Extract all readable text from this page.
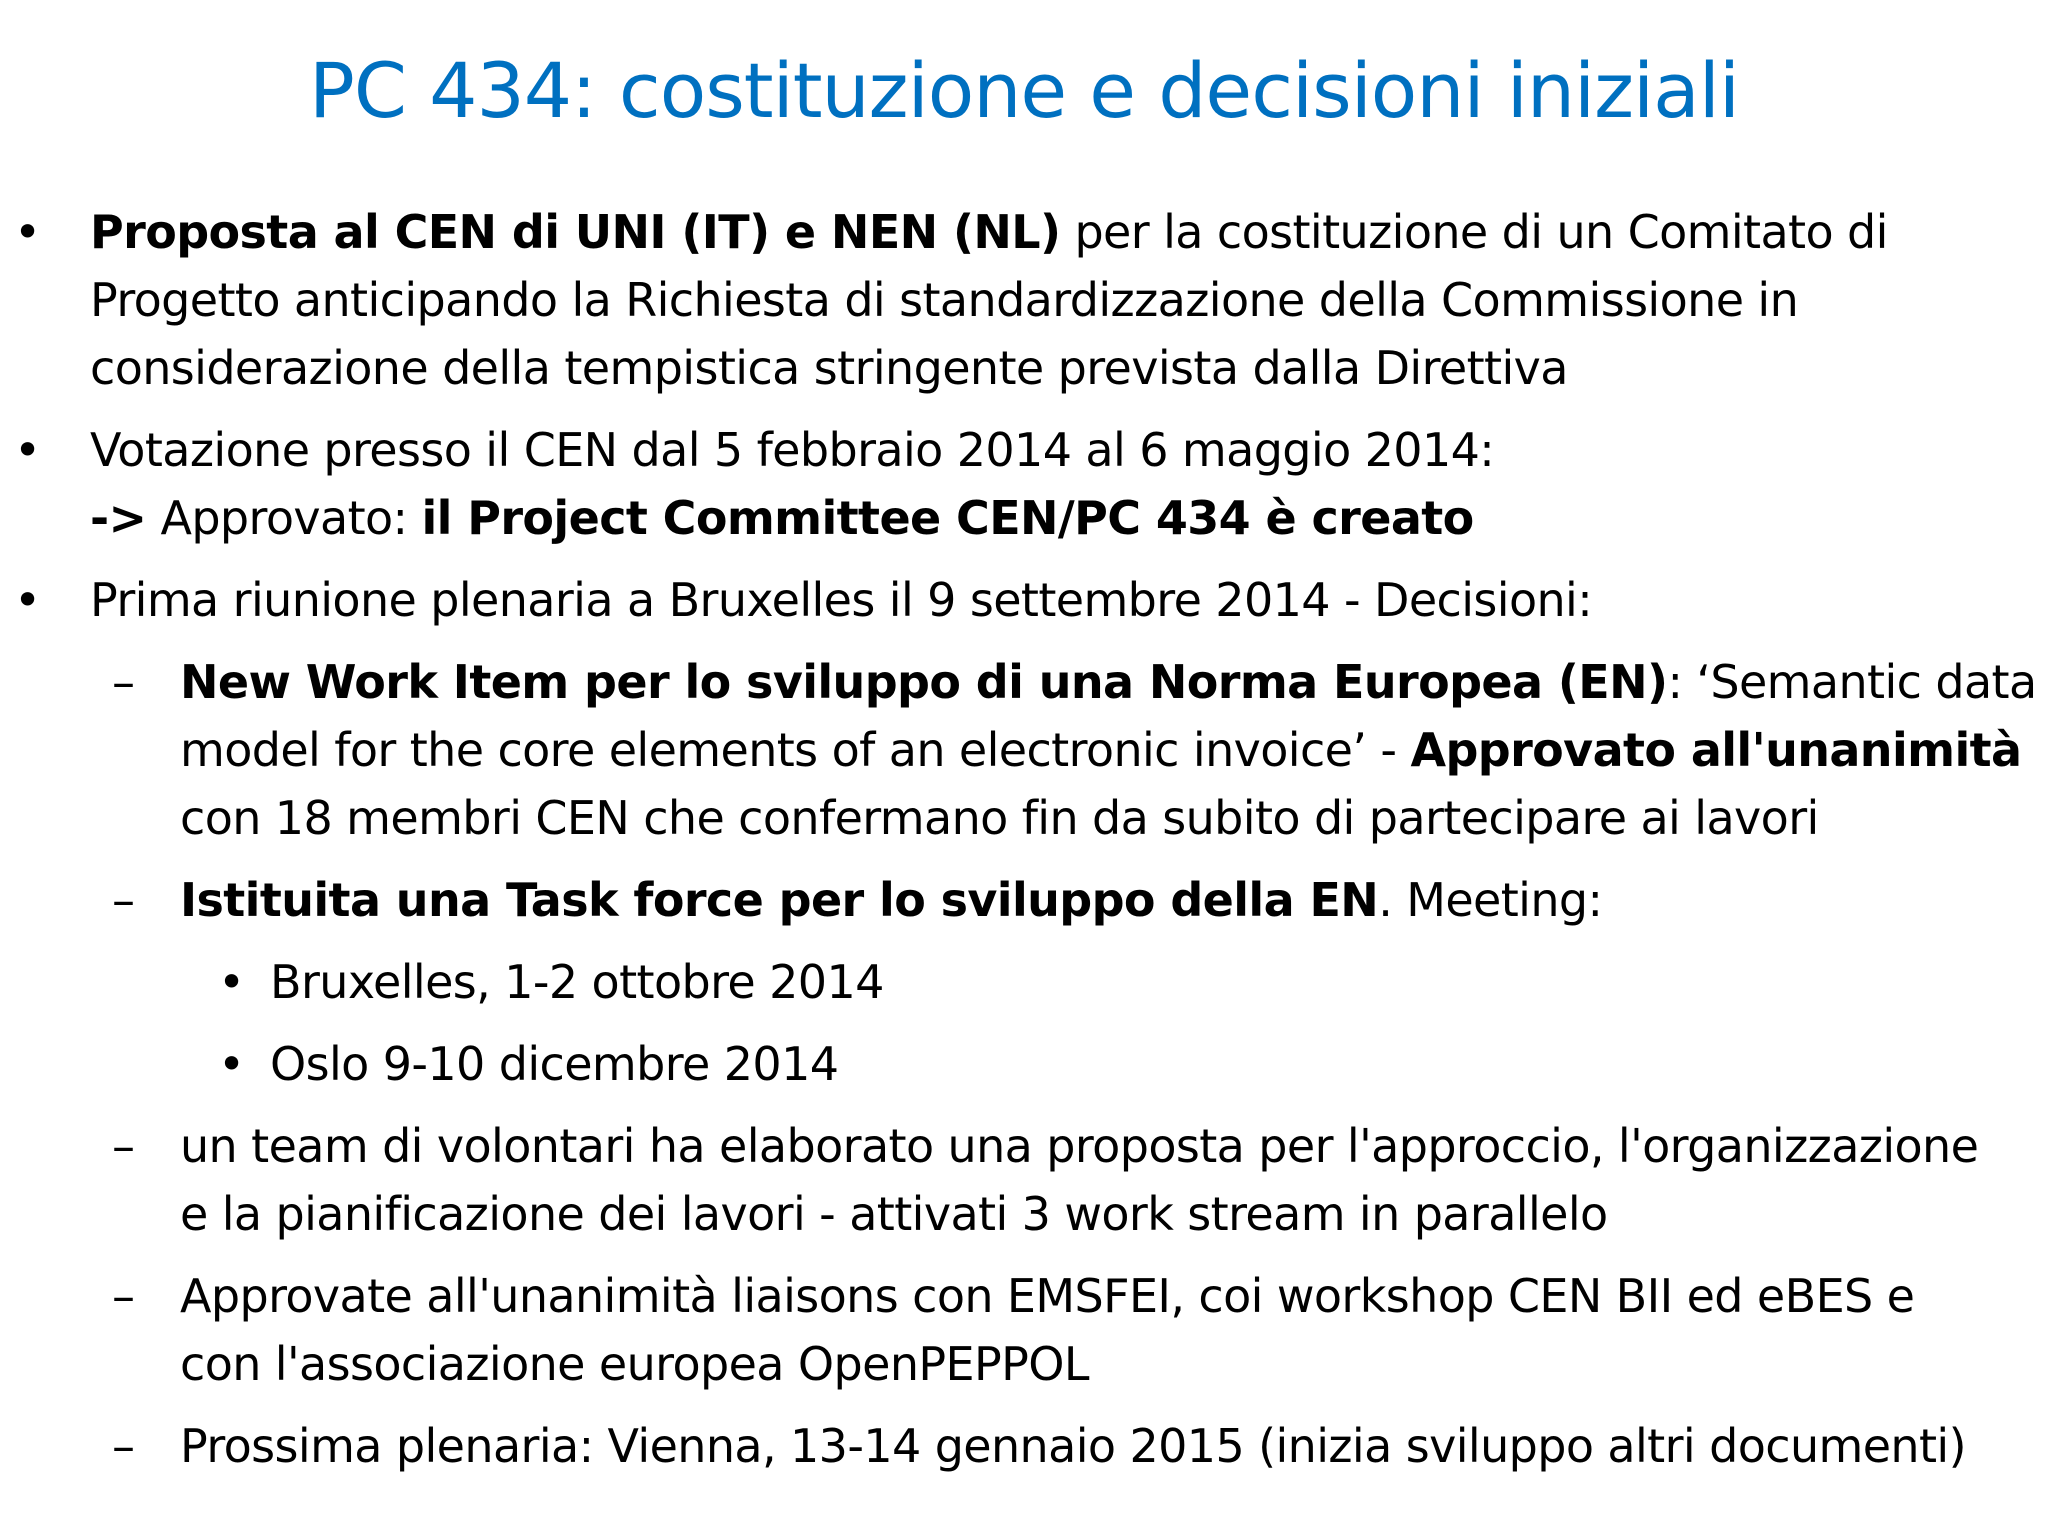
PC 434: costituzione e decisioni iniziali
• Proposta al CEN di UNI (IT) e NEN (NL) per la costituzione di un Comitato di
Progetto anticipando la Richiesta di standardizzazione della Commissione in
considerazione della tempistica stringente prevista dalla Direttiva
• Votazione presso il CEN dal 5 febbraio 2014 al 6 maggio 2014:
-> Approvato: il Project Committee CEN/PC 434 è creato
• Prima riunione plenaria a Bruxelles il 9 settembre 2014 - Decisioni:
– New Work Item per lo sviluppo di una Norma Europea (EN): ‘Semantic data
model for the core elements of an electronic invoice’ - Approvato all'unanimità
con 18 membri CEN che confermano fin da subito di partecipare ai lavori
– Istituita una Task force per lo sviluppo della EN. Meeting:
• Bruxelles, 1-2 ottobre 2014
• Oslo 9-10 dicembre 2014
– un team di volontari ha elaborato una proposta per l'approccio, l'organizzazione
e la pianificazione dei lavori - attivati 3 work stream in parallelo
– Approvate all'unanimità liaisons con EMSFEI, coi workshop CEN BII ed eBES e
con l'associazione europea OpenPEPPOL
– Prossima plenaria: Vienna, 13-14 gennaio 2015 (inizia sviluppo altri documenti)
